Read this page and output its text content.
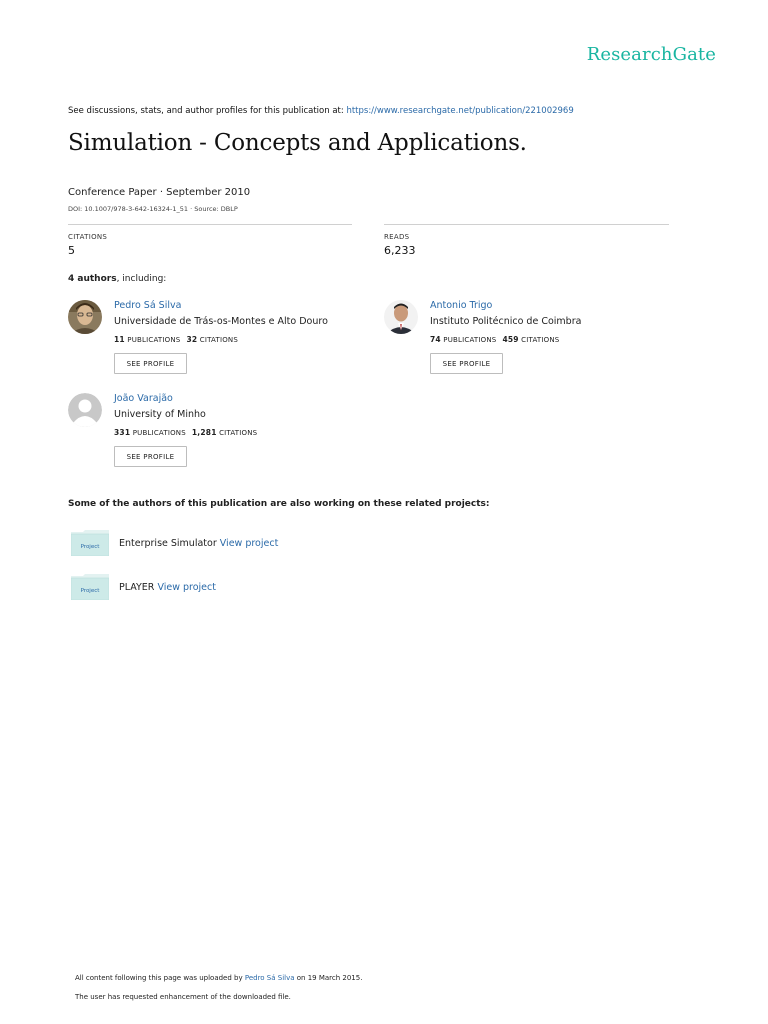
ResearchGate
See discussions, stats, and author profiles for this publication at: https://www.researchgate.net/publication/221002969
Simulation - Concepts and Applications.
Conference Paper · September 2010
DOI: 10.1007/978-3-642-16324-1_51 · Source: DBLP
CITATIONS
5
READS
6,233
4 authors, including:
Pedro Sá Silva
Universidade de Trás-os-Montes e Alto Douro
11 PUBLICATIONS 32 CITATIONS
SEE PROFILE
Antonio Trigo
Instituto Politécnico de Coimbra
74 PUBLICATIONS 459 CITATIONS
SEE PROFILE
João Varajão
University of Minho
331 PUBLICATIONS 1,281 CITATIONS
SEE PROFILE
Some of the authors of this publication are also working on these related projects:
Project Enterprise Simulator View project
Project PLAYER View project
All content following this page was uploaded by Pedro Sá Silva on 19 March 2015.
The user has requested enhancement of the downloaded file.
